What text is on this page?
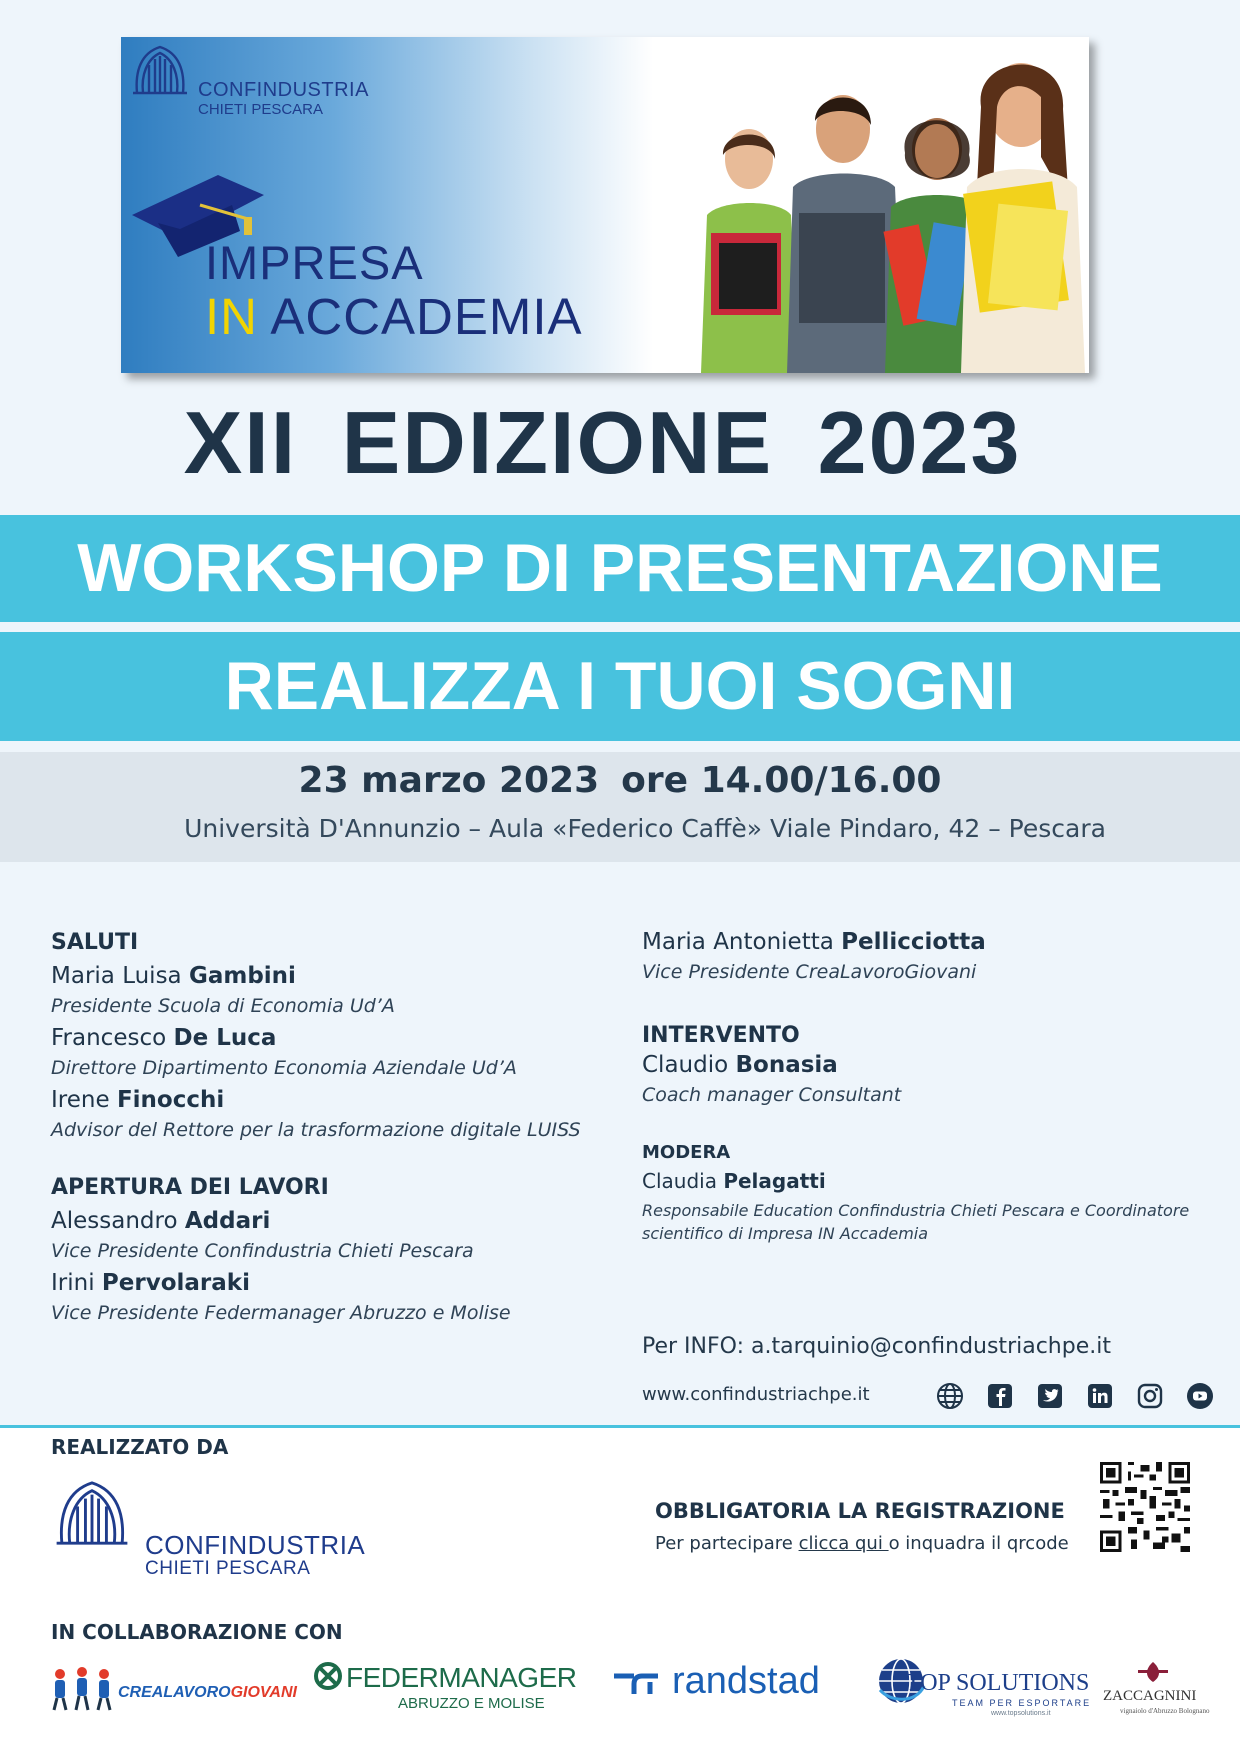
CONFINDUSTRIA
CHIETI PESCARA
IMPRESA
IN ACCADEMIA
XII EDIZIONE 2023
WORKSHOP DI PRESENTAZIONE
REALIZZA I TUOI SOGNI
23 marzo 2023 ore 14.00/16.00
Università D'Annunzio – Aula «Federico Caffè» Viale Pindaro, 42 – Pescara
SALUTI
Maria Luisa Gambini
Presidente Scuola di Economia Ud’A
Francesco De Luca
Direttore Dipartimento Economia Aziendale Ud’A
Irene Finocchi
Advisor del Rettore per la trasformazione digitale LUISS
APERTURA DEI LAVORI
Alessandro Addari
Vice Presidente Confindustria Chieti Pescara
Irini Pervolaraki
Vice Presidente Federmanager Abruzzo e Molise
Maria Antonietta Pellicciotta
Vice Presidente CreaLavoroGiovani
INTERVENTO
Claudio Bonasia
Coach manager Consultant
MODERA
Claudia Pelagatti
Responsabile Education Confindustria Chieti Pescara e Coordinatore
scientifico di Impresa IN Accademia
Per INFO: a.tarquinio@confindustriachpe.it
www.confindustriachpe.it
REALIZZATO DA
CONFINDUSTRIA
CHIETI PESCARA
OBBLIGATORIA LA REGISTRAZIONE
Per partecipare clicca qui o inquadra il qrcode
IN COLLABORAZIONE CON
CREALAVOROGIOVANI FEDERMANAGER
ABRUZZO E MOLISE
randstad	TOP SOLUTIONS
TEAM PER ESPORTARE
www.topsolutions.it
ZACCAGNINI
vignaiolo d'Abruzzo Bolognano
